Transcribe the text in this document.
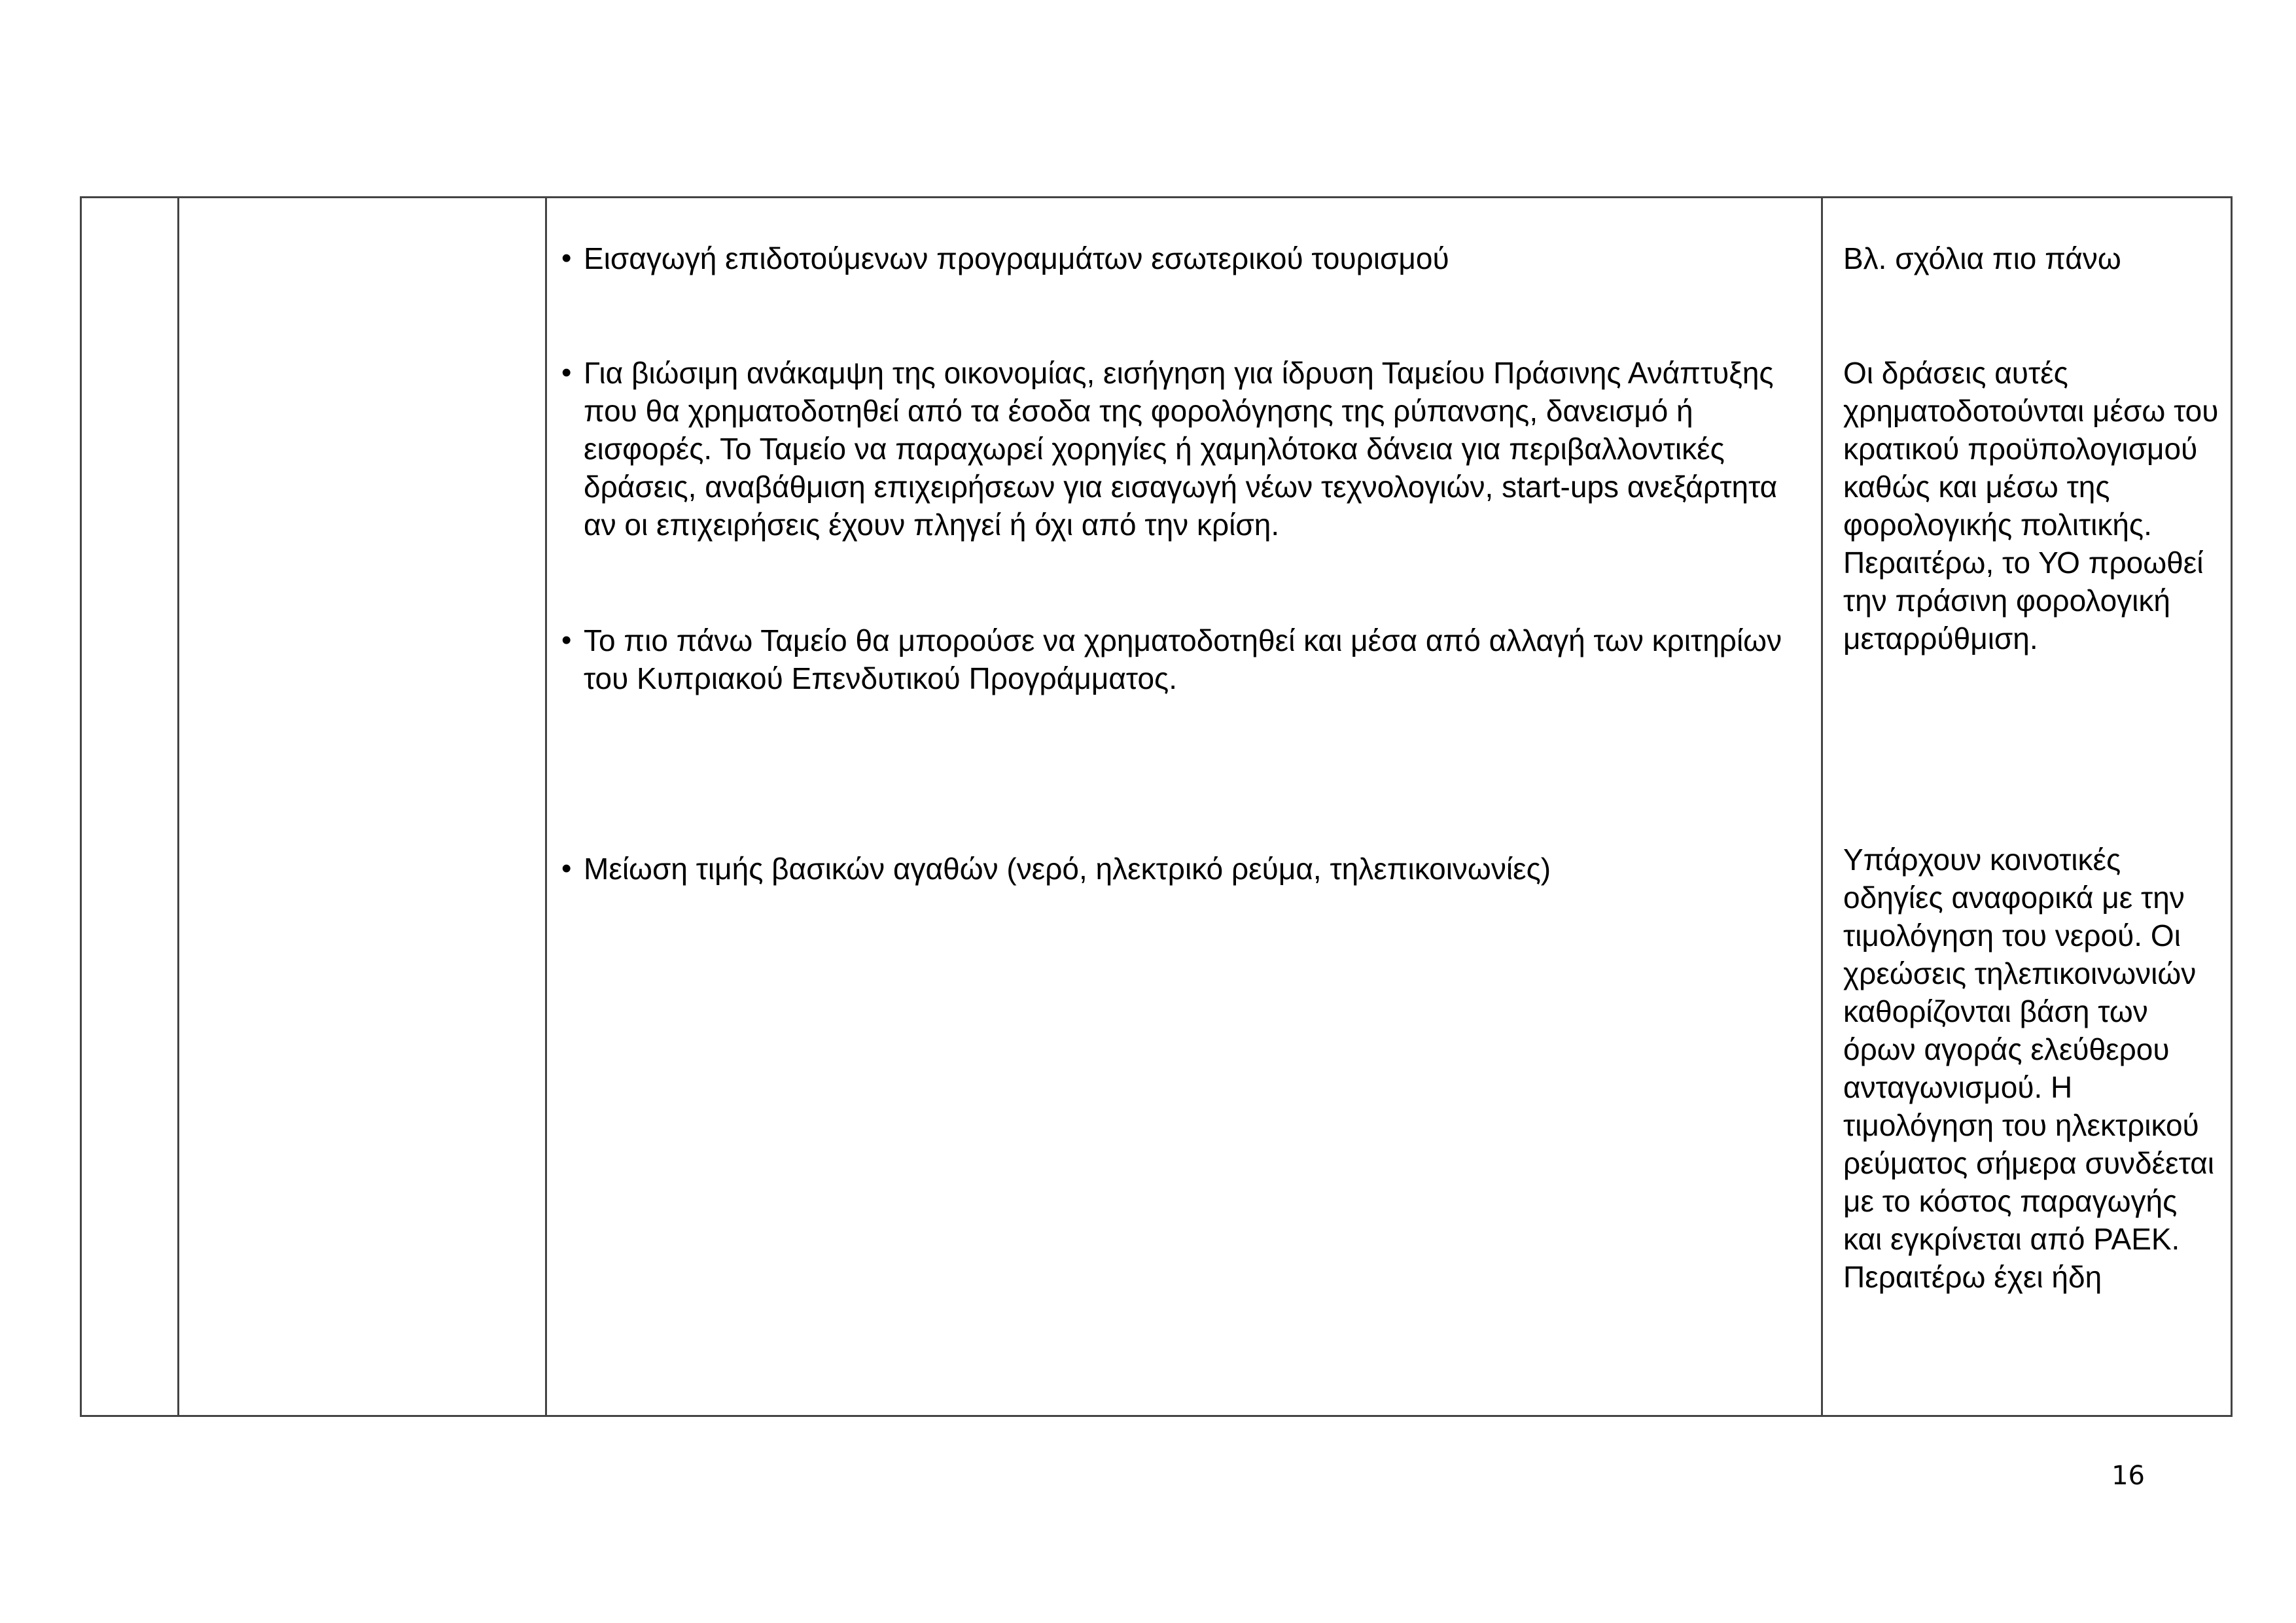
• Εισαγωγή επιδοτούμενων προγραμμάτων εσωτερικού τουρισμού	Βλ. σχόλια πιο πάνω
• Για βιώσιμη ανάκαμψη της οικονομίας, εισήγηση για ίδρυση Ταμείου Πράσινης Ανάπτυξης που θα χρηματοδοτηθεί από τα έσοδα της φορολόγησης της ρύπανσης, δανεισμό ή εισφορές. Το Ταμείο να παραχωρεί χορηγίες ή χαμηλότοκα δάνεια για περιβαλλοντικές δράσεις, αναβάθμιση επιχειρήσεων για εισαγωγή νέων τεχνολογιών, start-ups ανεξάρτητα αν οι επιχειρήσεις έχουν πληγεί ή όχι από την κρίση.
Οι δράσεις αυτές χρηματοδοτούνται μέσω του κρατικού προϋπολογισμού καθώς και μέσω της φορολογικής πολιτικής. Περαιτέρω, το ΥΟ προωθεί την πράσινη φορολογική μεταρρύθμιση.
• Το πιο πάνω Ταμείο θα μπορούσε να χρηματοδοτηθεί και μέσα από αλλαγή των κριτηρίων του Κυπριακού Επενδυτικού Προγράμματος.
• Μείωση τιμής βασικών αγαθών (νερό, ηλεκτρικό ρεύμα, τηλεπικοινωνίες)	Υπάρχουν κοινοτικές οδηγίες αναφορικά με την τιμολόγηση του νερού. Οι χρεώσεις τηλεπικοινωνιών καθορίζονται βάση των όρων αγοράς ελεύθερου ανταγωνισμού. Η τιμολόγηση του ηλεκτρικού ρεύματος σήμερα συνδέεται με το κόστος παραγωγής και εγκρίνεται από ΡΑΕΚ. Περαιτέρω έχει ήδη
16
